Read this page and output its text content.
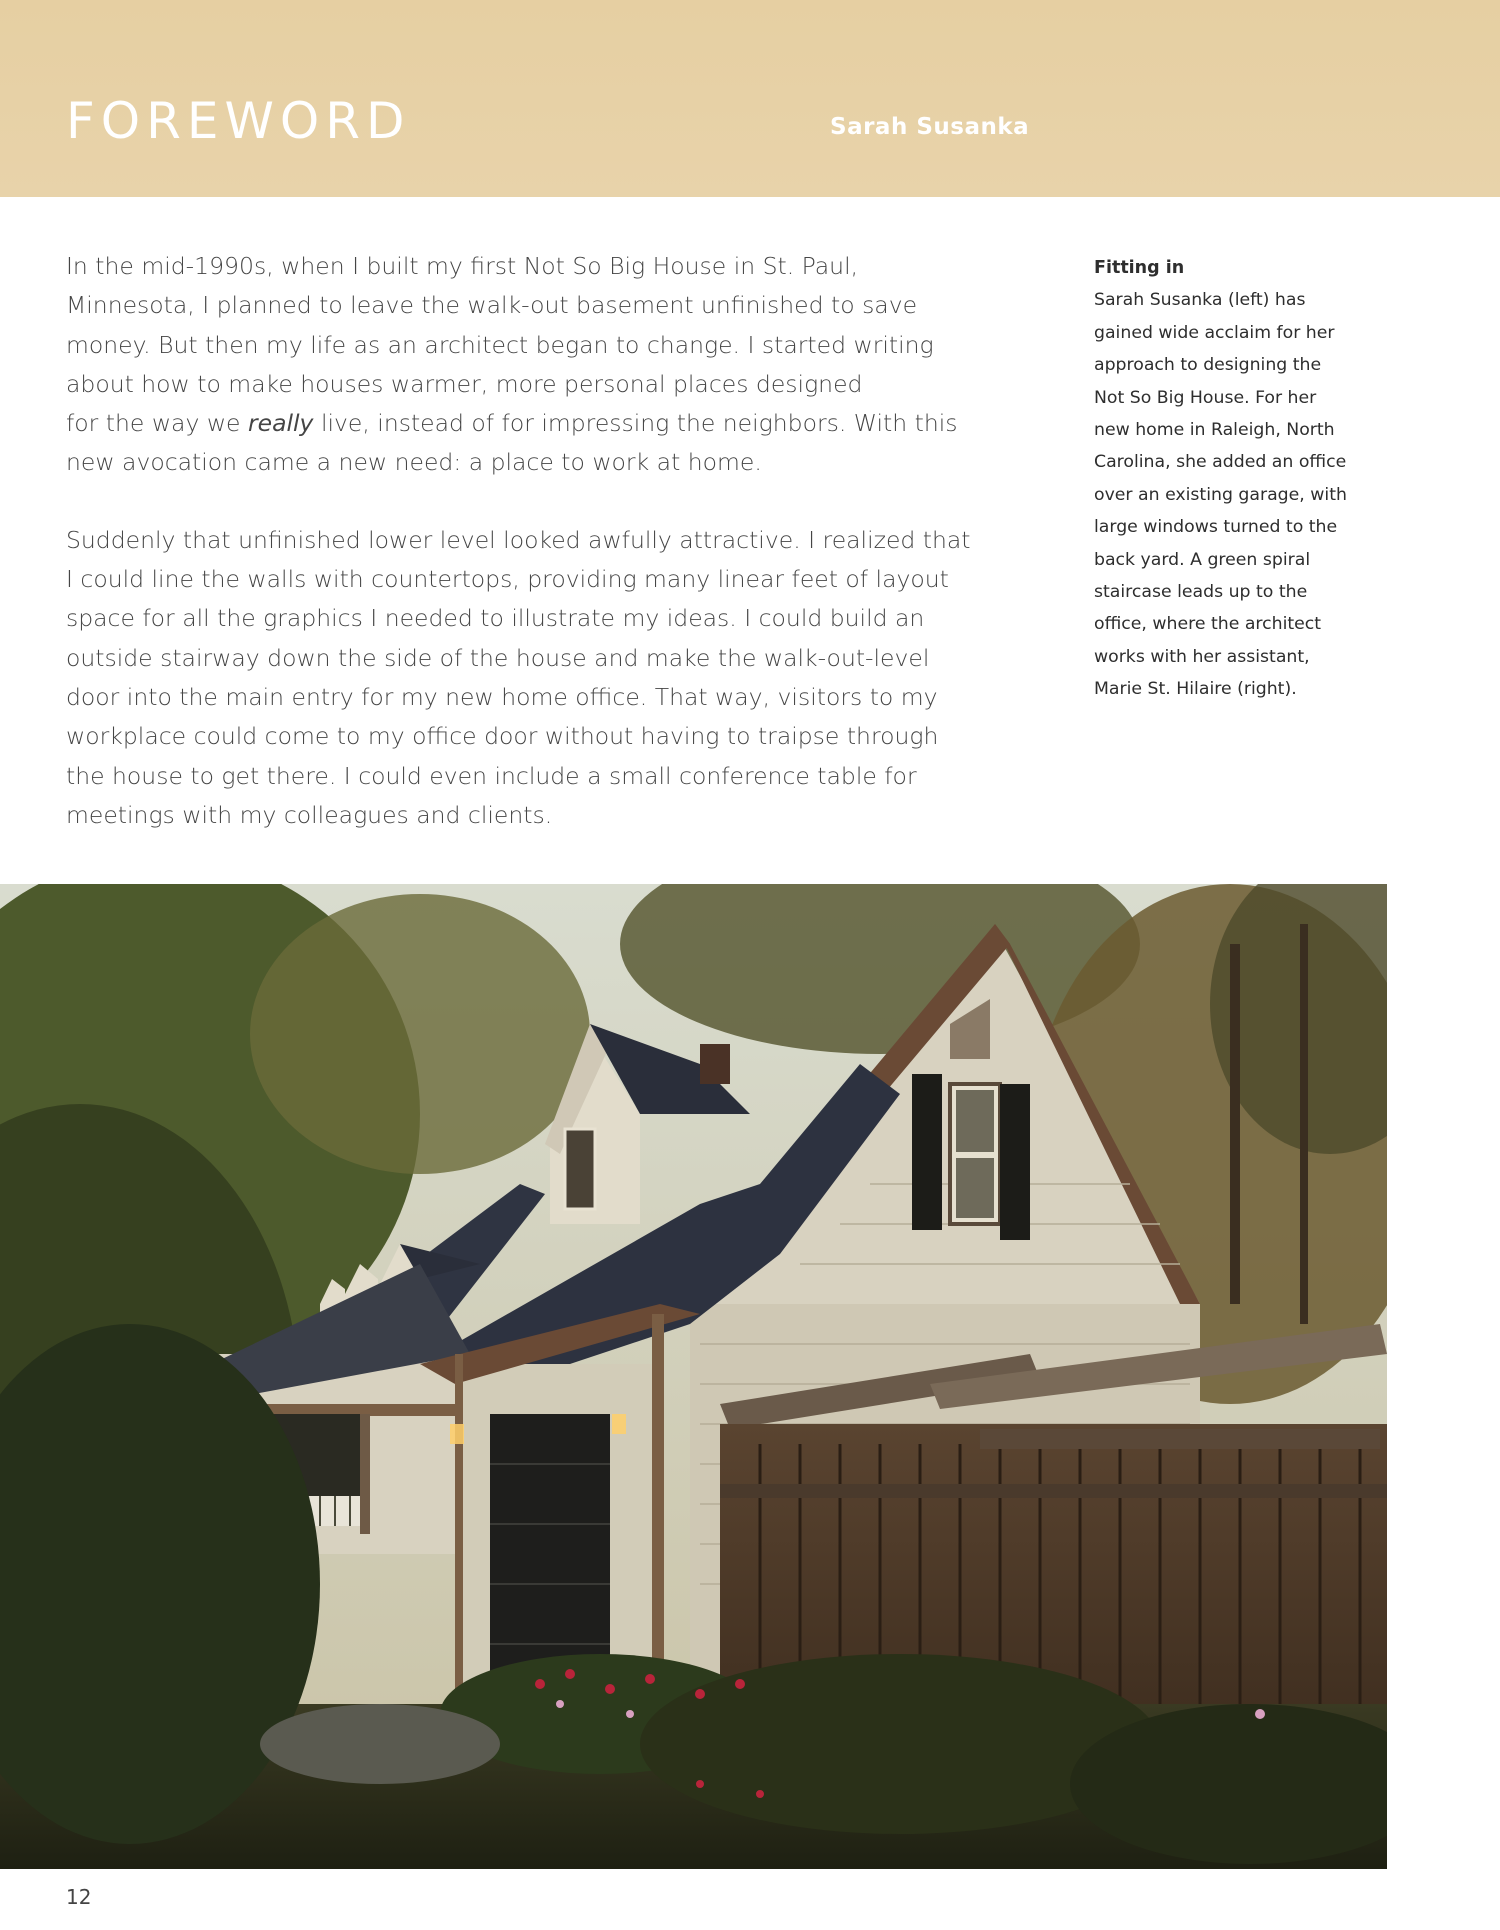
FOREWORD	Sarah Susanka

In the mid-1990s, when I built my first Not So Big House in St. Paul,
Minnesota, I planned to leave the walk-out basement unfinished to save
money. But then my life as an architect began to change. I started writing
about how to make houses warmer, more personal places designed
for the way we really live, instead of for impressing the neighbors. With this
new avocation came a new need: a place to work at home.

Suddenly that unfinished lower level looked awfully attractive. I realized that
I could line the walls with countertops, providing many linear feet of layout
space for all the graphics I needed to illustrate my ideas. I could build an
outside stairway down the side of the house and make the walk-out-level
door into the main entry for my new home office. That way, visitors to my
workplace could come to my office door without having to traipse through
the house to get there. I could even include a small conference table for
meetings with my colleagues and clients.

Fitting in
Sarah Susanka (left) has
gained wide acclaim for her
approach to designing the
Not So Big House. For her
new home in Raleigh, North
Carolina, she added an office
over an existing garage, with
large windows turned to the
back yard. A green spiral
staircase leads up to the
office, where the architect
works with her assistant,
Marie St. Hilaire (right).
12
